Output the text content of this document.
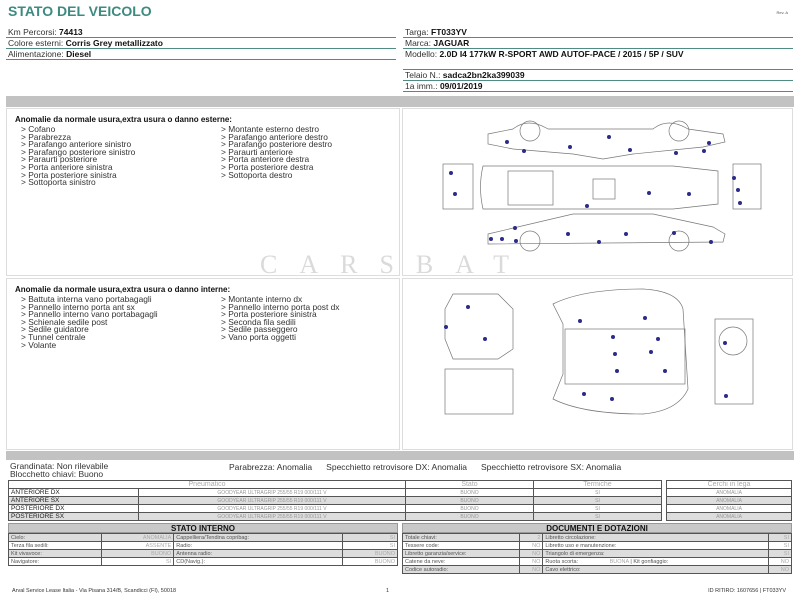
STATO DEL VEICOLO	Rev. A
Km Percorsi: 74413
Colore esterni: Corris Grey metallizzato
Alimentazione: Diesel
Targa: FT033YV
Marca: JAGUAR
Modello: 2.0D I4 177kW R-SPORT AWD AUTOF-PACE / 2015 / 5P / SUV
Telaio N.: sadca2bn2ka399039
1a imm.: 09/01/2019
Anomalie da normale usura,extra usura o danno esterne:
> Cofano
> Parabrezza
> Parafango anteriore sinistro
> Parafango posteriore sinistro
> Paraurti posteriore
> Porta anteriore sinistra
> Porta posteriore sinistra
> Sottoporta sinistro
> Montante esterno destro
> Parafango anteriore destro
> Parafango posteriore destro
> Paraurti anteriore
> Porta anteriore destra
> Porta posteriore destra
> Sottoporta destro
Anomalie da normale usura,extra usura o danno interne:
> Battuta interna vano portabagagli
> Pannello interno porta ant sx
> Pannello interno vano portabagagli
> Schienale sedile post
> Sedile guidatore
> Tunnel centrale
> Volante
> Montante interno dx
> Pannello interno porta post dx
> Porta posteriore sinistra
> Seconda fila sedili
> Sedile passeggero
> Vano porta oggetti
CARSBAT
Grandinata: Non rilevabile
Blocchetto chiavi: Buono
Parabrezza: Anomalia Specchietto retrovisore DX: Anomalia Specchietto retrovisore SX: Anomalia
Pneumatico		Stato	Termiche
ANTERIORE DX	GOODYEAR ULTRAGRIP 255/55 R19 000/111 V	BUONO	SI
ANTERIORE SX	GOODYEAR ULTRAGRIP 255/55 R19 000/111 V	BUONO	SI
POSTERIORE DX	GOODYEAR ULTRAGRIP 255/55 R19 000/111 V	BUONO	SI
POSTERIORE SX	GOODYEAR ULTRAGRIP 255/55 R19 000/111 V	BUONO	SI
Cerchi in lega
ANOMALIA
ANOMALIA
ANOMALIA
ANOMALIA
STATO INTERNO
Cielo:	ANOMALIA	Cappelliera/Tendina copribag:	SI
Terza fila sedili:	ASSENTE	Radio:	SI
Kit vivavoce:	BUONO	Antenna radio:	BUONO
Navigatore:	SI	CD(Navig.):	BUONO
DOCUMENTI E DOTAZIONI
Totale chiavi:	2	Libretto circolazione:	SI
Tessere code:	NO	Libretto uso e manutenzione:	SI
Libretto garanzia/service:	NO	Triangolo di emergenza:	SI
Catene da neve:	NO	Ruota scorta: BUONA | Kit gonfiaggio:	NO
Codice autoradio:	NO	Cavo elettrico:	NO
Arval Service Lease Italia - Via Pisana 314/B, Scandicci (FI), 50018	1	ID RITIRO: 1607656 | FT033YV
